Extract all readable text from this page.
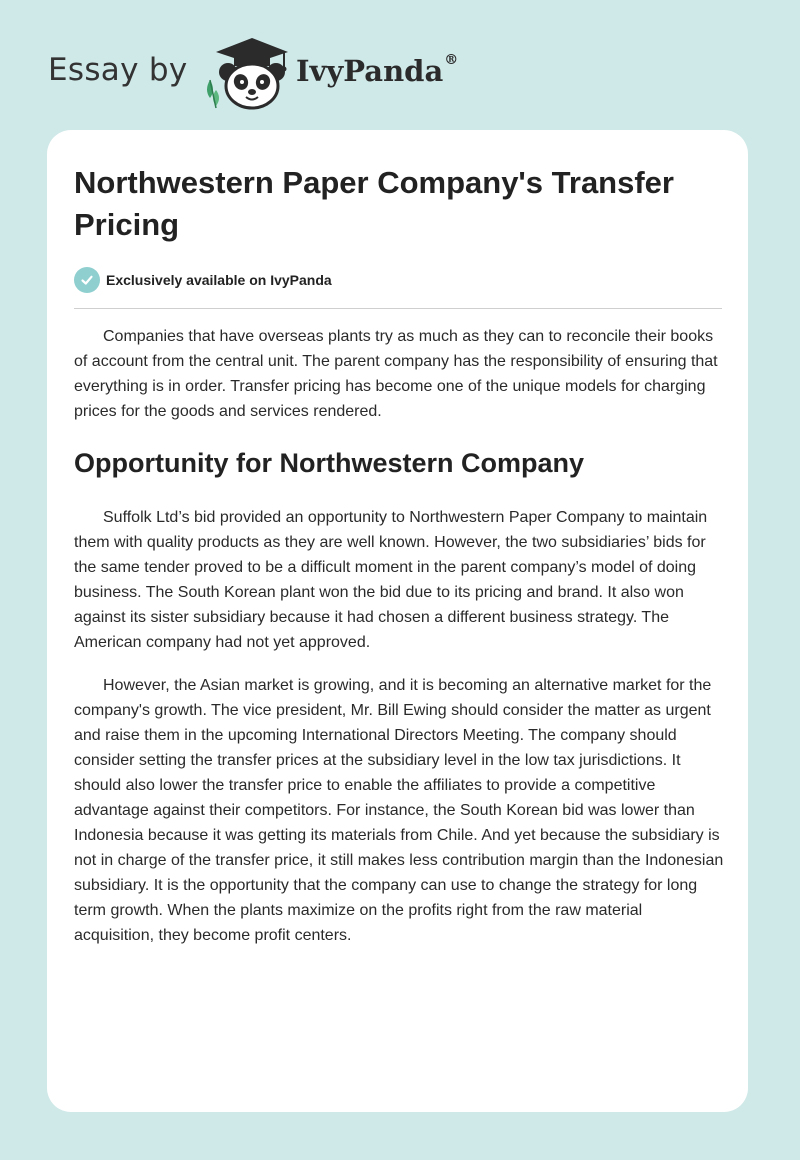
Essay by	IvyPanda®
Northwestern Paper Company's Transfer Pricing
Exclusively available on IvyPanda

Companies that have overseas plants try as much as they can to reconcile their books of account from the central unit. The parent company has the responsibility of ensuring that everything is in order. Transfer pricing has become one of the unique models for charging prices for the goods and services rendered.

Opportunity for Northwestern Company

Suffolk Ltd’s bid provided an opportunity to Northwestern Paper Company to maintain them with quality products as they are well known. However, the two subsidiaries’ bids for the same tender proved to be a difficult moment in the parent company’s model of doing business. The South Korean plant won the bid due to its pricing and brand. It also won against its sister subsidiary because it had chosen a different business strategy. The American company had not yet approved.

However, the Asian market is growing, and it is becoming an alternative market for the company's growth. The vice president, Mr. Bill Ewing should consider the matter as urgent and raise them in the upcoming International Directors Meeting. The company should consider setting the transfer prices at the subsidiary level in the low tax jurisdictions. It should also lower the transfer price to enable the affiliates to provide a competitive advantage against their competitors. For instance, the South Korean bid was lower than Indonesia because it was getting its materials from Chile. And yet because the subsidiary is not in charge of the transfer price, it still makes less contribution margin than the Indonesian subsidiary. It is the opportunity that the company can use to change the strategy for long term growth. When the plants maximize on the profits right from the raw material acquisition, they become profit centers.
